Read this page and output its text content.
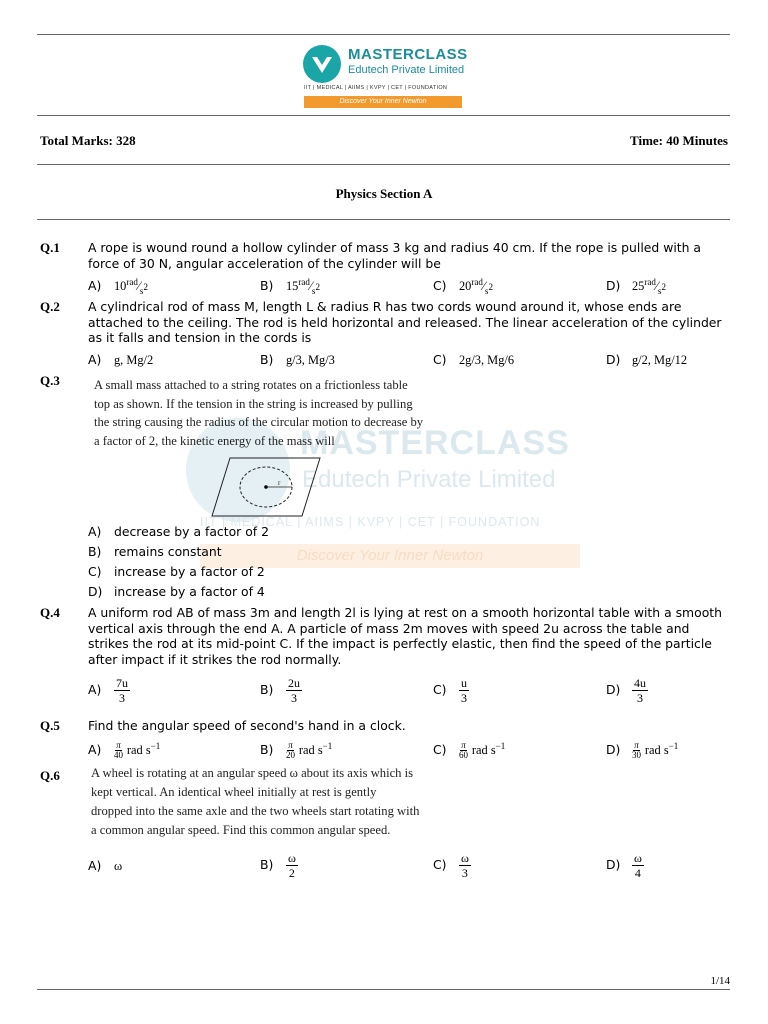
MASTERCLASS
Edutech Private Limited
IIT | MEDICAL | AIIMS | KVPY | CET | FOUNDATION
Discover Your Inner Newton
Total Marks: 328	Time: 40 Minutes
Physics Section A
MASTERCLASS
Edutech Private Limited
IIT | MEDICAL | AIIMS | KVPY | CET | FOUNDATION
Discover Your Inner Newton
Q.1 A rope is wound round a hollow cylinder of mass 3 kg and radius 40 cm. If the rope is pulled with a
force of 30 N, angular acceleration of the cylinder will be
A) $10^{rad}⁄_{s^2}$	B) $15^{rad}⁄_{s^2}$	C) $20^{rad}⁄_{s^2}$	D) $25^{rad}⁄_{s^2}$
Q.2 A cylindrical rod of mass M, length L & radius R has two cords wound around it, whose ends are
attached to the ceiling. The rod is held horizontal and released. The linear acceleration of the cylinder
as it falls and tension in the cords is
A) g, Mg/2	B) g/3, Mg/3	C) 2g/3, Mg/6	D) g/2, Mg/12
Q.3	A small mass attached to a string rotates on a frictionless table
top as shown. If the tension in the string is increased by pulling
the string causing the radius of the circular motion to decrease by
a factor of 2, the kinetic energy of the mass will
r
A) decrease by a factor of 2
B) remains constant
C) increase by a factor of 2
D) increase by a factor of 4
Q.4 A uniform rod AB of mass 3m and length 2l is lying at rest on a smooth horizontal table with a smooth
vertical axis through the end A. A particle of mass 2m moves with speed 2u across the table and
strikes the rod at its mid-point C. If the impact is perfectly elastic, then find the speed of the particle
after impact if it strikes the rod normally.
$A) \frac{7u}{3}$	$B) \frac{2u}{3}$	$C) \frac{u}{3}$	$D) \frac{4u}{3}$
Q.5 Find the angular speed of second's hand in a clock.
$A) \frac{\pi}{40}$ rad $s^{-1}$	$B) \frac{\pi}{20}$ rad $s^{-1}$	$C) \frac{\pi}{60}$ rad $s^{-1}$	$D) \frac{\pi}{30}$ rad $s^{-1}$
Q.6 A wheel is rotating at an angular speed ω about its axis which is
kept vertical. An identical wheel initially at rest is gently
dropped into the same axle and the two wheels start rotating with
a common angular speed. Find this common angular speed.
A) ω	$B) \frac{\omega}{2}$	$C) \frac{\omega}{3}$	$D) \frac{\omega}{4}$
1/14
